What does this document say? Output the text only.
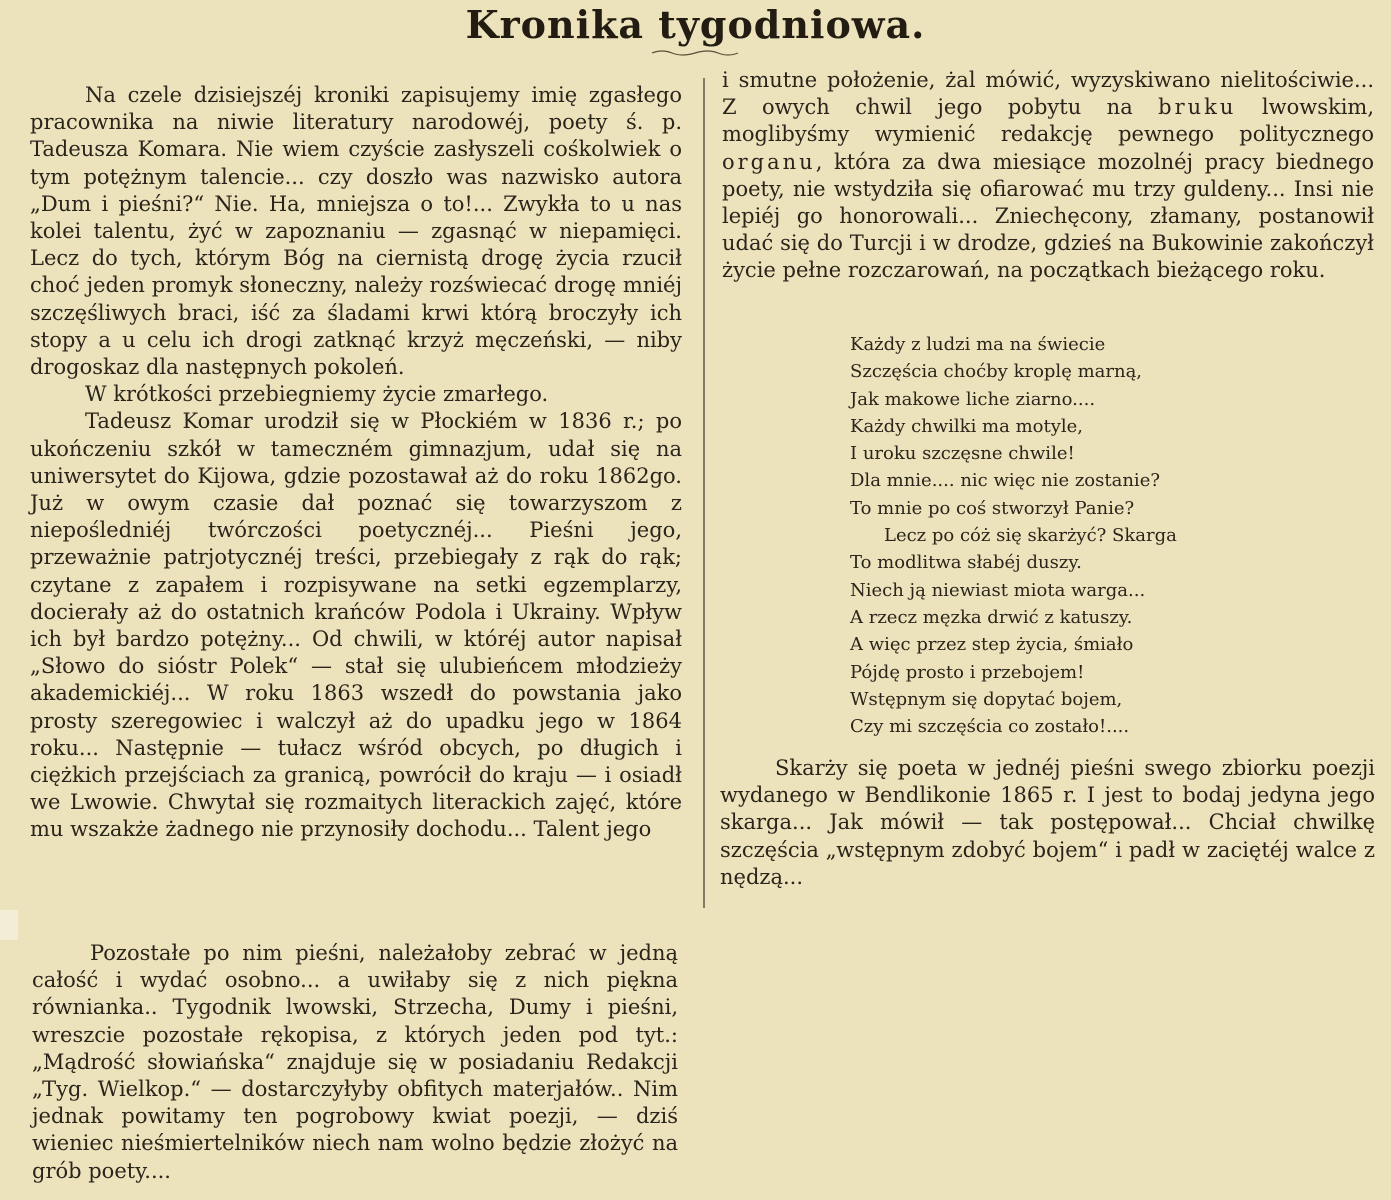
Kronika tygodniowa.

Na czele dzisiejszéj kroniki zapisujemy imię zgasłego pracownika na niwie literatury narodowéj, poety ś. p. Tadeusza Komara. Nie wiem czyście zasłyszeli cośkolwiek o tym potężnym talencie... czy doszło was nazwisko autora „Dum i pieśni?“ Nie. Ha, mniejsza o to!... Zwykła to u nas kolei talentu, żyć w zapoznaniu — zgasnąć w niepamięci. Lecz do tych, którym Bóg na ciernistą drogę życia rzucił choć jeden promyk słoneczny, należy rozświecać drogę mniéj szczęśliwych braci, iść za śladami krwi którą broczyły ich stopy a u celu ich drogi zatknąć krzyż męczeński, — niby drogoskaz dla następnych pokoleń.

W krótkości przebiegniemy życie zmarłego.

Tadeusz Komar urodził się w Płockiém w 1836 r.; po ukończeniu szkół w tameczném gimnazjum, udał się na uniwersytet do Kijowa, gdzie pozostawał aż do roku 1862go. Już w owym czasie dał poznać się towarzyszom z niepośledniéj twórczości poetycznéj... Pieśni jego, przeważnie patrjotycznéj treści, przebiegały z rąk do rąk; czytane z zapałem i rozpisywane na setki egzemplarzy, docierały aż do ostatnich krańców Podola i Ukrainy. Wpływ ich był bardzo potężny... Od chwili, w któréj autor napisał „Słowo do sióstr Polek“ — stał się ulubieńcem młodzieży akademickiéj... W roku 1863 wszedł do powstania jako prosty szeregowiec i walczył aż do upadku jego w 1864 roku... Następnie — tułacz wśród obcych, po długich i ciężkich przejściach za granicą, powrócił do kraju — i osiadł we Lwowie. Chwytał się rozmaitych literackich zajęć, które mu wszakże żadnego nie przynosiły dochodu... Talent jego

i smutne położenie, żal mówić, wyzyskiwano nielitościwie... Z owych chwil jego pobytu na bruku lwowskim, moglibyśmy wymienić redakcję pewnego politycznego organu, która za dwa miesiące mozolnéj pracy biednego poety, nie wstydziła się ofiarować mu trzy guldeny... Insi nie lepiéj go honorowali... Zniechęcony, złamany, postanowił udać się do Turcji i w drodze, gdzieś na Bukowinie zakończył życie pełne rozczarowań, na początkach bieżącego roku.

Każdy z ludzi ma na świecie
Szczęścia choćby kroplę marną,
Jak makowe liche ziarno....
Każdy chwilki ma motyle,
I uroku szczęsne chwile!
Dla mnie.... nic więc nie zostanie?
To mnie po coś stworzył Panie?
Lecz po cóż się skarżyć? Skarga
To modlitwa słabéj duszy.
Niech ją niewiast miota warga...
A rzecz męzka drwić z katuszy.
A więc przez step życia, śmiało
Pójdę prosto i przebojem!
Wstępnym się dopytać bojem,
Czy mi szczęścia co zostało!....

Skarży się poeta w jednéj pieśni swego zbiorku poezji wydanego w Bendlikonie 1865 r. I jest to bodaj jedyna jego skarga... Jak mówił — tak postępował... Chciał chwilkę szczęścia „wstępnym zdobyć bojem“ i padł w zaciętéj walce z nędzą...

Pozostałe po nim pieśni, należałoby zebrać w jedną całość i wydać osobno... a uwiłaby się z nich piękna równianka.. Tygodnik lwowski, Strzecha, Dumy i pieśni, wreszcie pozostałe rękopisa, z których jeden pod tyt.: „Mądrość słowiańska“ znajduje się w posiadaniu Redakcji „Tyg. Wielkop.“ — dostarczyłyby obfitych materjałów.. Nim jednak powitamy ten pogrobowy kwiat poezji, — dziś wieniec nieśmiertelników niech nam wolno będzie złożyć na grób poety....
